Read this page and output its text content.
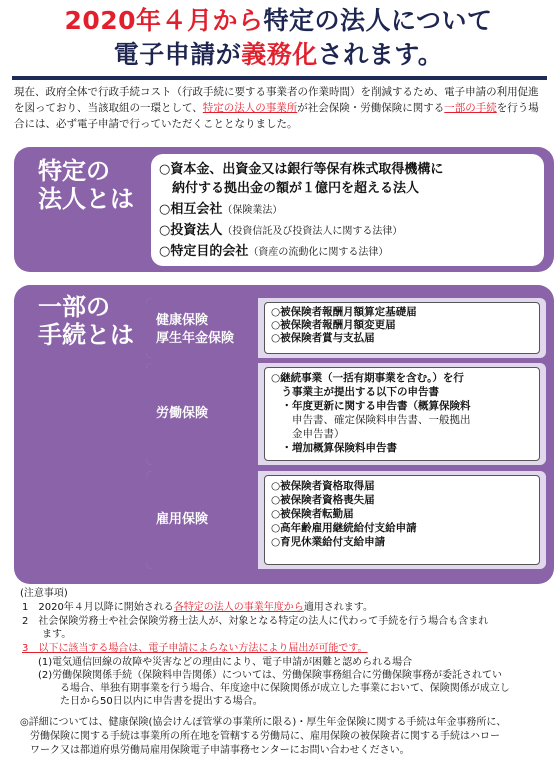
2020年４月から特定の法人について
電子申請が義務化されます。
現在、政府全体で行政手続コスト（行政手続に要する事業者の作業時間）を削減するため、電子申請の利用促進を図っており、当該取組の一環として、特定の法人の事業所が社会保険・労働保険に関する一部の手続を行う場合には、必ず電子申請で行っていただくこととなりました。
特定の
法人とは
○資本金、出資金又は銀行等保有株式取得機構に
　納付する拠出金の額が１億円を超える法人
○相互会社（保険業法）
○投資法人（投資信託及び投資法人に関する法律）
○特定目的会社（資産の流動化に関する法律）
一部の
手続とは
健康保険
厚生年金保険
○被保険者報酬月額算定基礎届
○被保険者報酬月額変更届
○被保険者賞与支払届
労働保険
○継続事業（一括有期事業を含む。）を行
　う事業主が提出する以下の申告書
　・年度更新に関する申告書（概算保険料
　　申告書、確定保険料申告書、一般拠出
　　金申告書）
　・増加概算保険料申告書
雇用保険
○被保険者資格取得届
○被保険者資格喪失届
○被保険者転勤届
○高年齢雇用継続給付支給申請
○育児休業給付支給申請
(注意事項)
1　2020年４月以降に開始される各特定の法人の事業年度から適用されます。
2　社会保険労務士や社会保険労務士法人が、対象となる特定の法人に代わって手続を行う場合も含まれ
　　ます。
3　以下に該当する場合は、電子申請によらない方法により届出が可能です。
(1)電気通信回線の故障や災害などの理由により、電子申請が困難と認められる場合
(2)労働保険関係手続（保険料申告関係）については、労働保険事務組合に労働保険事務が委託されてい
る場合、単独有期事業を行う場合、年度途中に保険関係が成立した事業において、保険関係が成立し
た日から50日以内に申告書を提出する場合。
◎詳細については、健康保険(協会けんぽ管掌の事業所に限る)・厚生年金保険に関する手続は年金事務所に、
　労働保険に関する手続は事業所の所在地を管轄する労働局に、雇用保険の被保険者に関する手続はハロー
　ワーク又は都道府県労働局雇用保険電子申請事務センターにお問い合わせください。
